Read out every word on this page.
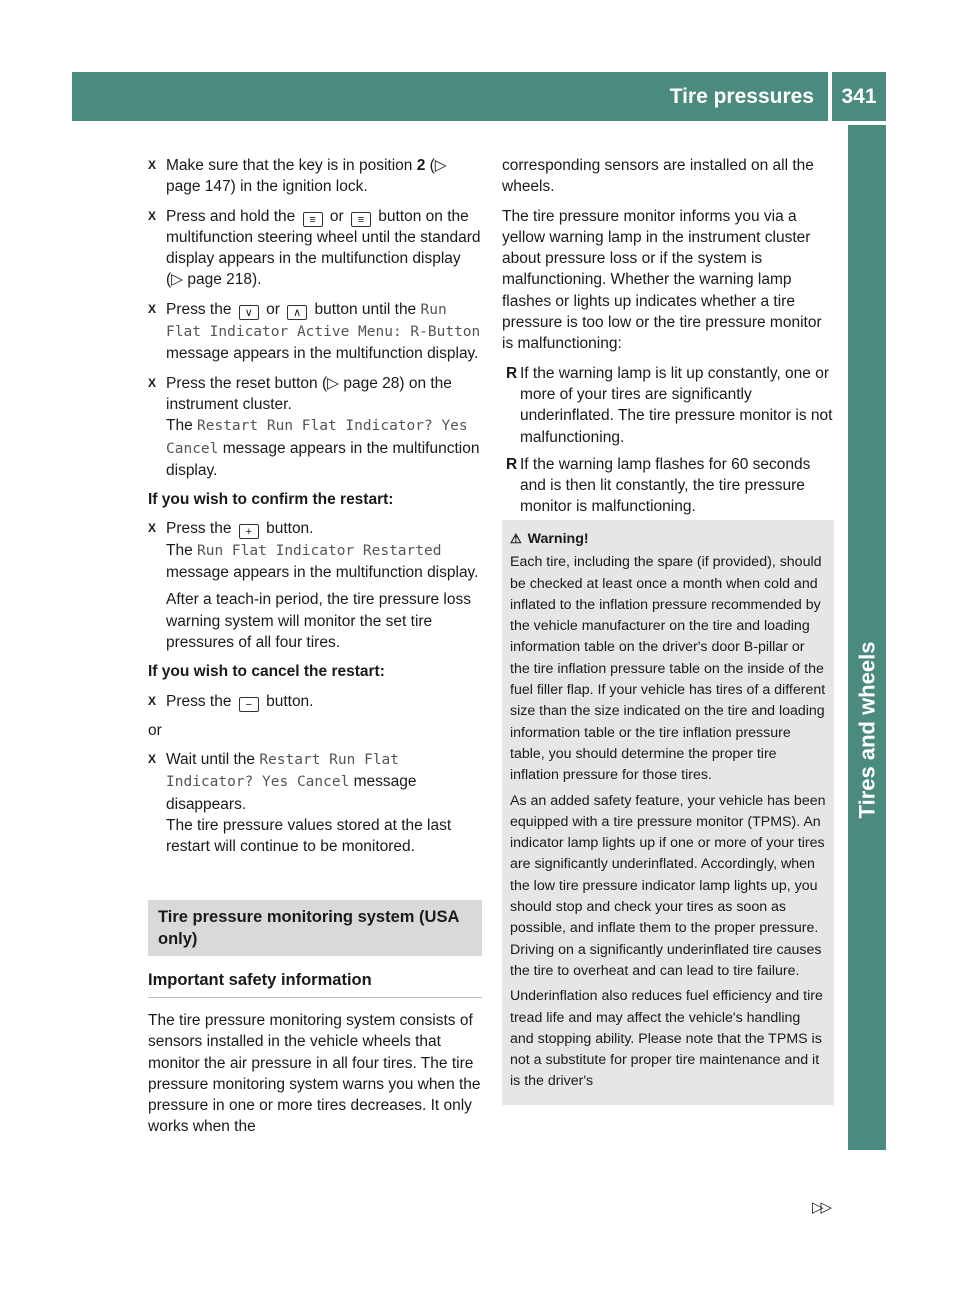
Tire pressures	341
Tires and wheels
X Make sure that the key is in position 2 (▷ page 147) in the ignition lock.
X Press and hold the ≡ or ≡ button on the multifunction steering wheel until the standard display appears in the multifunction display (▷ page 218).
X Press the ∨ or ∧ button until the Run Flat Indicator Active Menu: R-Button message appears in the multifunction display.
X Press the reset button (▷ page 28) on the instrument cluster.
The Restart Run Flat Indicator? Yes Cancel message appears in the multifunction display.
If you wish to confirm the restart:
X Press the + button.
The Run Flat Indicator Restarted message appears in the multifunction display.
After a teach-in period, the tire pressure loss warning system will monitor the set tire pressures of all four tires.
If you wish to cancel the restart:
X Press the − button.
or
X Wait until the Restart Run Flat Indicator? Yes Cancel message disappears.
The tire pressure values stored at the last restart will continue to be monitored.
Tire pressure monitoring system (USA only)
Important safety information
The tire pressure monitoring system consists of sensors installed in the vehicle wheels that monitor the air pressure in all four tires. The tire pressure monitoring system warns you when the pressure in one or more tires decreases. It only works when the
corresponding sensors are installed on all the wheels.
The tire pressure monitor informs you via a yellow warning lamp in the instrument cluster about pressure loss or if the system is malfunctioning. Whether the warning lamp flashes or lights up indicates whether a tire pressure is too low or the tire pressure monitor is malfunctioning:
R If the warning lamp is lit up constantly, one or more of your tires are significantly underinflated. The tire pressure monitor is not malfunctioning.
R If the warning lamp flashes for 60 seconds and is then lit constantly, the tire pressure monitor is malfunctioning.
⚠ Warning!

Each tire, including the spare (if provided), should be checked at least once a month when cold and inflated to the inflation pressure recommended by the vehicle manufacturer on the tire and loading information table on the driver's door B-pillar or the tire inflation pressure table on the inside of the fuel filler flap. If your vehicle has tires of a different size than the size indicated on the tire and loading information table or the tire inflation pressure table, you should determine the proper tire inflation pressure for those tires.

As an added safety feature, your vehicle has been equipped with a tire pressure monitor (TPMS). An indicator lamp lights up if one or more of your tires are significantly underinflated. Accordingly, when the low tire pressure indicator lamp lights up, you should stop and check your tires as soon as possible, and inflate them to the proper pressure. Driving on a significantly underinflated tire causes the tire to overheat and can lead to tire failure.

Underinflation also reduces fuel efficiency and tire tread life and may affect the vehicle's handling and stopping ability. Please note that the TPMS is not a substitute for proper tire maintenance and it is the driver's

▷▷
